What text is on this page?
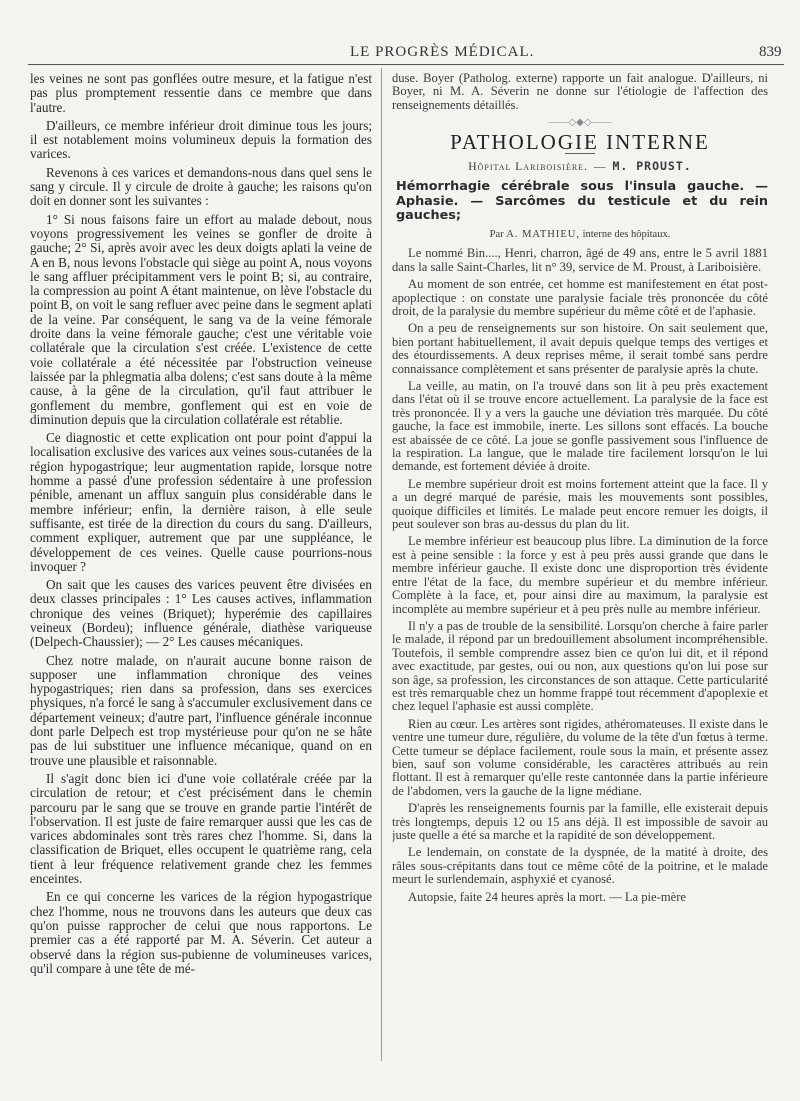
LE PROGRÈS MÉDICAL.	839

les veines ne sont pas gonflées outre mesure, et la fatigue n'est pas plus promptement ressentie dans ce membre que dans l'autre.

D'ailleurs, ce membre inférieur droit diminue tous les jours; il est notablement moins volumineux depuis la formation des varices.

Revenons à ces varices et demandons-nous dans quel sens le sang y circule. Il y circule de droite à gauche; les raisons qu'on doit en donner sont les suivantes :

1° Si nous faisons faire un effort au malade debout, nous voyons progressivement les veines se gonfler de droite à gauche; 2° Si, après avoir avec les deux doigts aplati la veine de A en B, nous levons l'obstacle qui siège au point A, nous voyons le sang affluer précipitamment vers le point B; si, au contraire, la compression au point A étant maintenue, on lève l'obstacle du point B, on voit le sang refluer avec peine dans le segment aplati de la veine. Par conséquent, le sang va de la veine fémorale droite dans la veine fémorale gauche; c'est une véritable voie collatérale que la circulation s'est créée. L'existence de cette voie collatérale a été nécessitée par l'obstruction veineuse laissée par la phlegmatia alba dolens; c'est sans doute à la même cause, à la gêne de la circulation, qu'il faut attribuer le gonflement du membre, gonflement qui est en voie de diminution depuis que la circulation collatérale est rétablie.

Ce diagnostic et cette explication ont pour point d'appui la localisation exclusive des varices aux veines sous-cutanées de la région hypogastrique; leur augmentation rapide, lorsque notre homme a passé d'une profession sédentaire à une profession pénible, amenant un afflux sanguin plus considérable dans le membre inférieur; enfin, la dernière raison, à elle seule suffisante, est tirée de la direction du cours du sang. D'ailleurs, comment expliquer, autrement que par une suppléance, le développement de ces veines. Quelle cause pourrions-nous invoquer ?

On sait que les causes des varices peuvent être divisées en deux classes principales : 1° Les causes actives, inflammation chronique des veines (Briquet); hyperémie des capillaires veineux (Bordeu); influence générale, diathèse variqueuse (Delpech-Chaussier); — 2° Les causes mécaniques.

Chez notre malade, on n'aurait aucune bonne raison de supposer une inflammation chronique des veines hypogastriques; rien dans sa profession, dans ses exercices physiques, n'a forcé le sang à s'accumuler exclusivement dans ce département veineux; d'autre part, l'influence générale inconnue dont parle Delpech est trop mystérieuse pour qu'on ne se hâte pas de lui substituer une influence mécanique, quand on en trouve une plausible et raisonnable.

Il s'agit donc bien ici d'une voie collatérale créée par la circulation de retour; et c'est précisément dans le chemin parcouru par le sang que se trouve en grande partie l'intérêt de l'observation. Il est juste de faire remarquer aussi que les cas de varices abdominales sont très rares chez l'homme. Si, dans la classification de Briquet, elles occupent le quatrième rang, cela tient à leur fréquence relativement grande chez les femmes enceintes.

En ce qui concerne les varices de la région hypogastrique chez l'homme, nous ne trouvons dans les auteurs que deux cas qu'on puisse rapprocher de celui que nous rapportons. Le premier cas a été rapporté par M. A. Séverin. Cet auteur a observé dans la région sus-pubienne de volumineuses varices, qu'il compare à une tête de mé-

duse. Boyer (Patholog. externe) rapporte un fait analogue. D'ailleurs, ni Boyer, ni M. A. Séverin ne donne sur l'étiologie de l'affection des renseignements détaillés.

——◇◆◇——
PATHOLOGIE INTERNE
Hôpital Lariboisière. — M. PROUST.
Hémorrhagie cérébrale sous l'insula gauche. — Aphasie. — Sarcômes du testicule et du rein gauches;
Par A. MATHIEU, interne des hôpitaux.

Le nommé Bin...., Henri, charron, âgé de 49 ans, entre le 5 avril 1881 dans la salle Saint-Charles, lit n° 39, service de M. Proust, à Lariboisière.

Au moment de son entrée, cet homme est manifestement en état post-apoplectique : on constate une paralysie faciale très prononcée du côté droit, de la paralysie du membre supérieur du même côté et de l'aphasie.

On a peu de renseignements sur son histoire. On sait seulement que, bien portant habituellement, il avait depuis quelque temps des vertiges et des étourdissements. A deux reprises même, il serait tombé sans perdre connaissance complètement et sans présenter de paralysie après la chute.

La veille, au matin, on l'a trouvé dans son lit à peu près exactement dans l'état où il se trouve encore actuellement. La paralysie de la face est très prononcée. Il y a vers la gauche une déviation très marquée. Du côté gauche, la face est immobile, inerte. Les sillons sont effacés. La bouche est abaissée de ce côté. La joue se gonfle passivement sous l'influence de la respiration. La langue, que le malade tire facilement lorsqu'on le lui demande, est fortement déviée à droite.

Le membre supérieur droit est moins fortement atteint que la face. Il y a un degré marqué de parésie, mais les mouvements sont possibles, quoique difficiles et limités. Le malade peut encore remuer les doigts, il peut soulever son bras au-dessus du plan du lit.

Le membre inférieur est beaucoup plus libre. La diminution de la force est à peine sensible : la force y est à peu près aussi grande que dans le membre inférieur gauche. Il existe donc une disproportion très évidente entre l'état de la face, du membre supérieur et du membre inférieur. Complète à la face, et, pour ainsi dire au maximum, la paralysie est incomplète au membre supérieur et à peu près nulle au membre inférieur.

Il n'y a pas de trouble de la sensibilité. Lorsqu'on cherche à faire parler le malade, il répond par un bredouillement absolument incompréhensible. Toutefois, il semble comprendre assez bien ce qu'on lui dit, et il répond avec exactitude, par gestes, oui ou non, aux questions qu'on lui pose sur son âge, sa profession, les circonstances de son attaque. Cette particularité est très remarquable chez un homme frappé tout récemment d'apoplexie et chez lequel l'aphasie est aussi complète.

Rien au cœur. Les artères sont rigides, athéromateuses. Il existe dans le ventre une tumeur dure, régulière, du volume de la tête d'un fœtus à terme. Cette tumeur se déplace facilement, roule sous la main, et présente assez bien, sauf son volume considérable, les caractères attribués au rein flottant. Il est à remarquer qu'elle reste cantonnée dans la partie inférieure de l'abdomen, vers la gauche de la ligne médiane.

D'après les renseignements fournis par la famille, elle existerait depuis très longtemps, depuis 12 ou 15 ans déjà. Il est impossible de savoir au juste quelle a été sa marche et la rapidité de son développement.

Le lendemain, on constate de la dyspnée, de la matité à droite, des râles sous-crépitants dans tout ce même côté de la poitrine, et le malade meurt le surlendemain, asphyxié et cyanosé.

Autopsie, faite 24 heures après la mort. — La pie-mère
